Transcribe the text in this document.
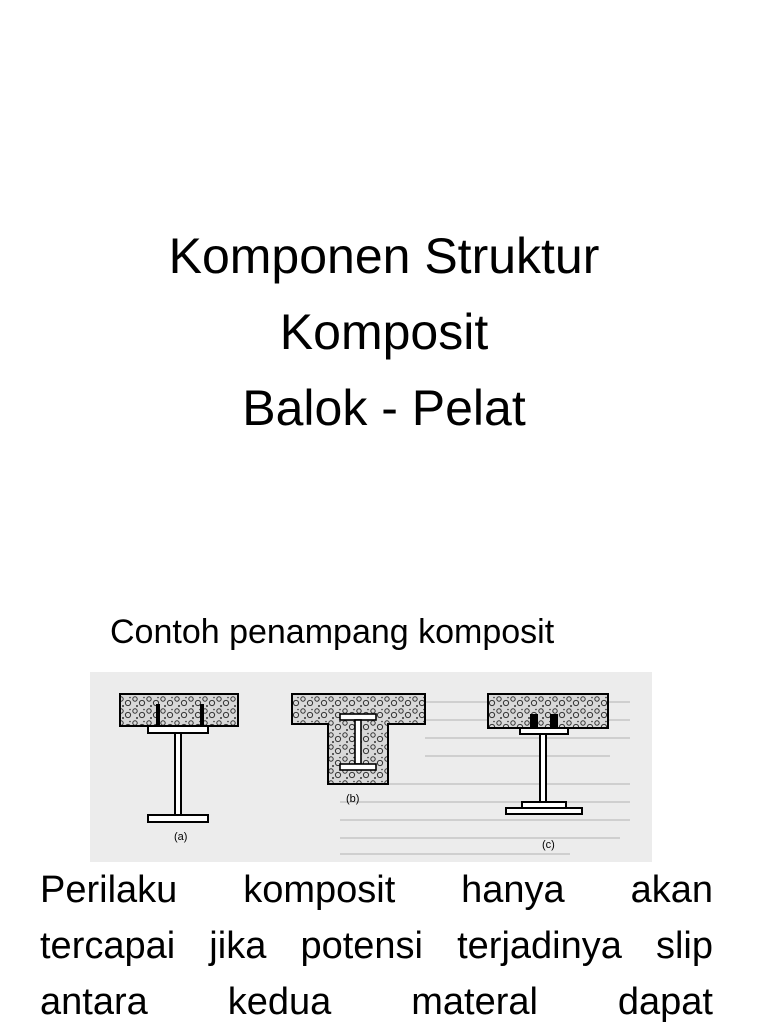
Komponen Struktur
Komposit
Balok - Pelat
Contoh penampang komposit
(a)
(b)
(c)
Perilaku komposit hanya akan
tercapai jika potensi terjadinya slip
antara kedua materal dapat
